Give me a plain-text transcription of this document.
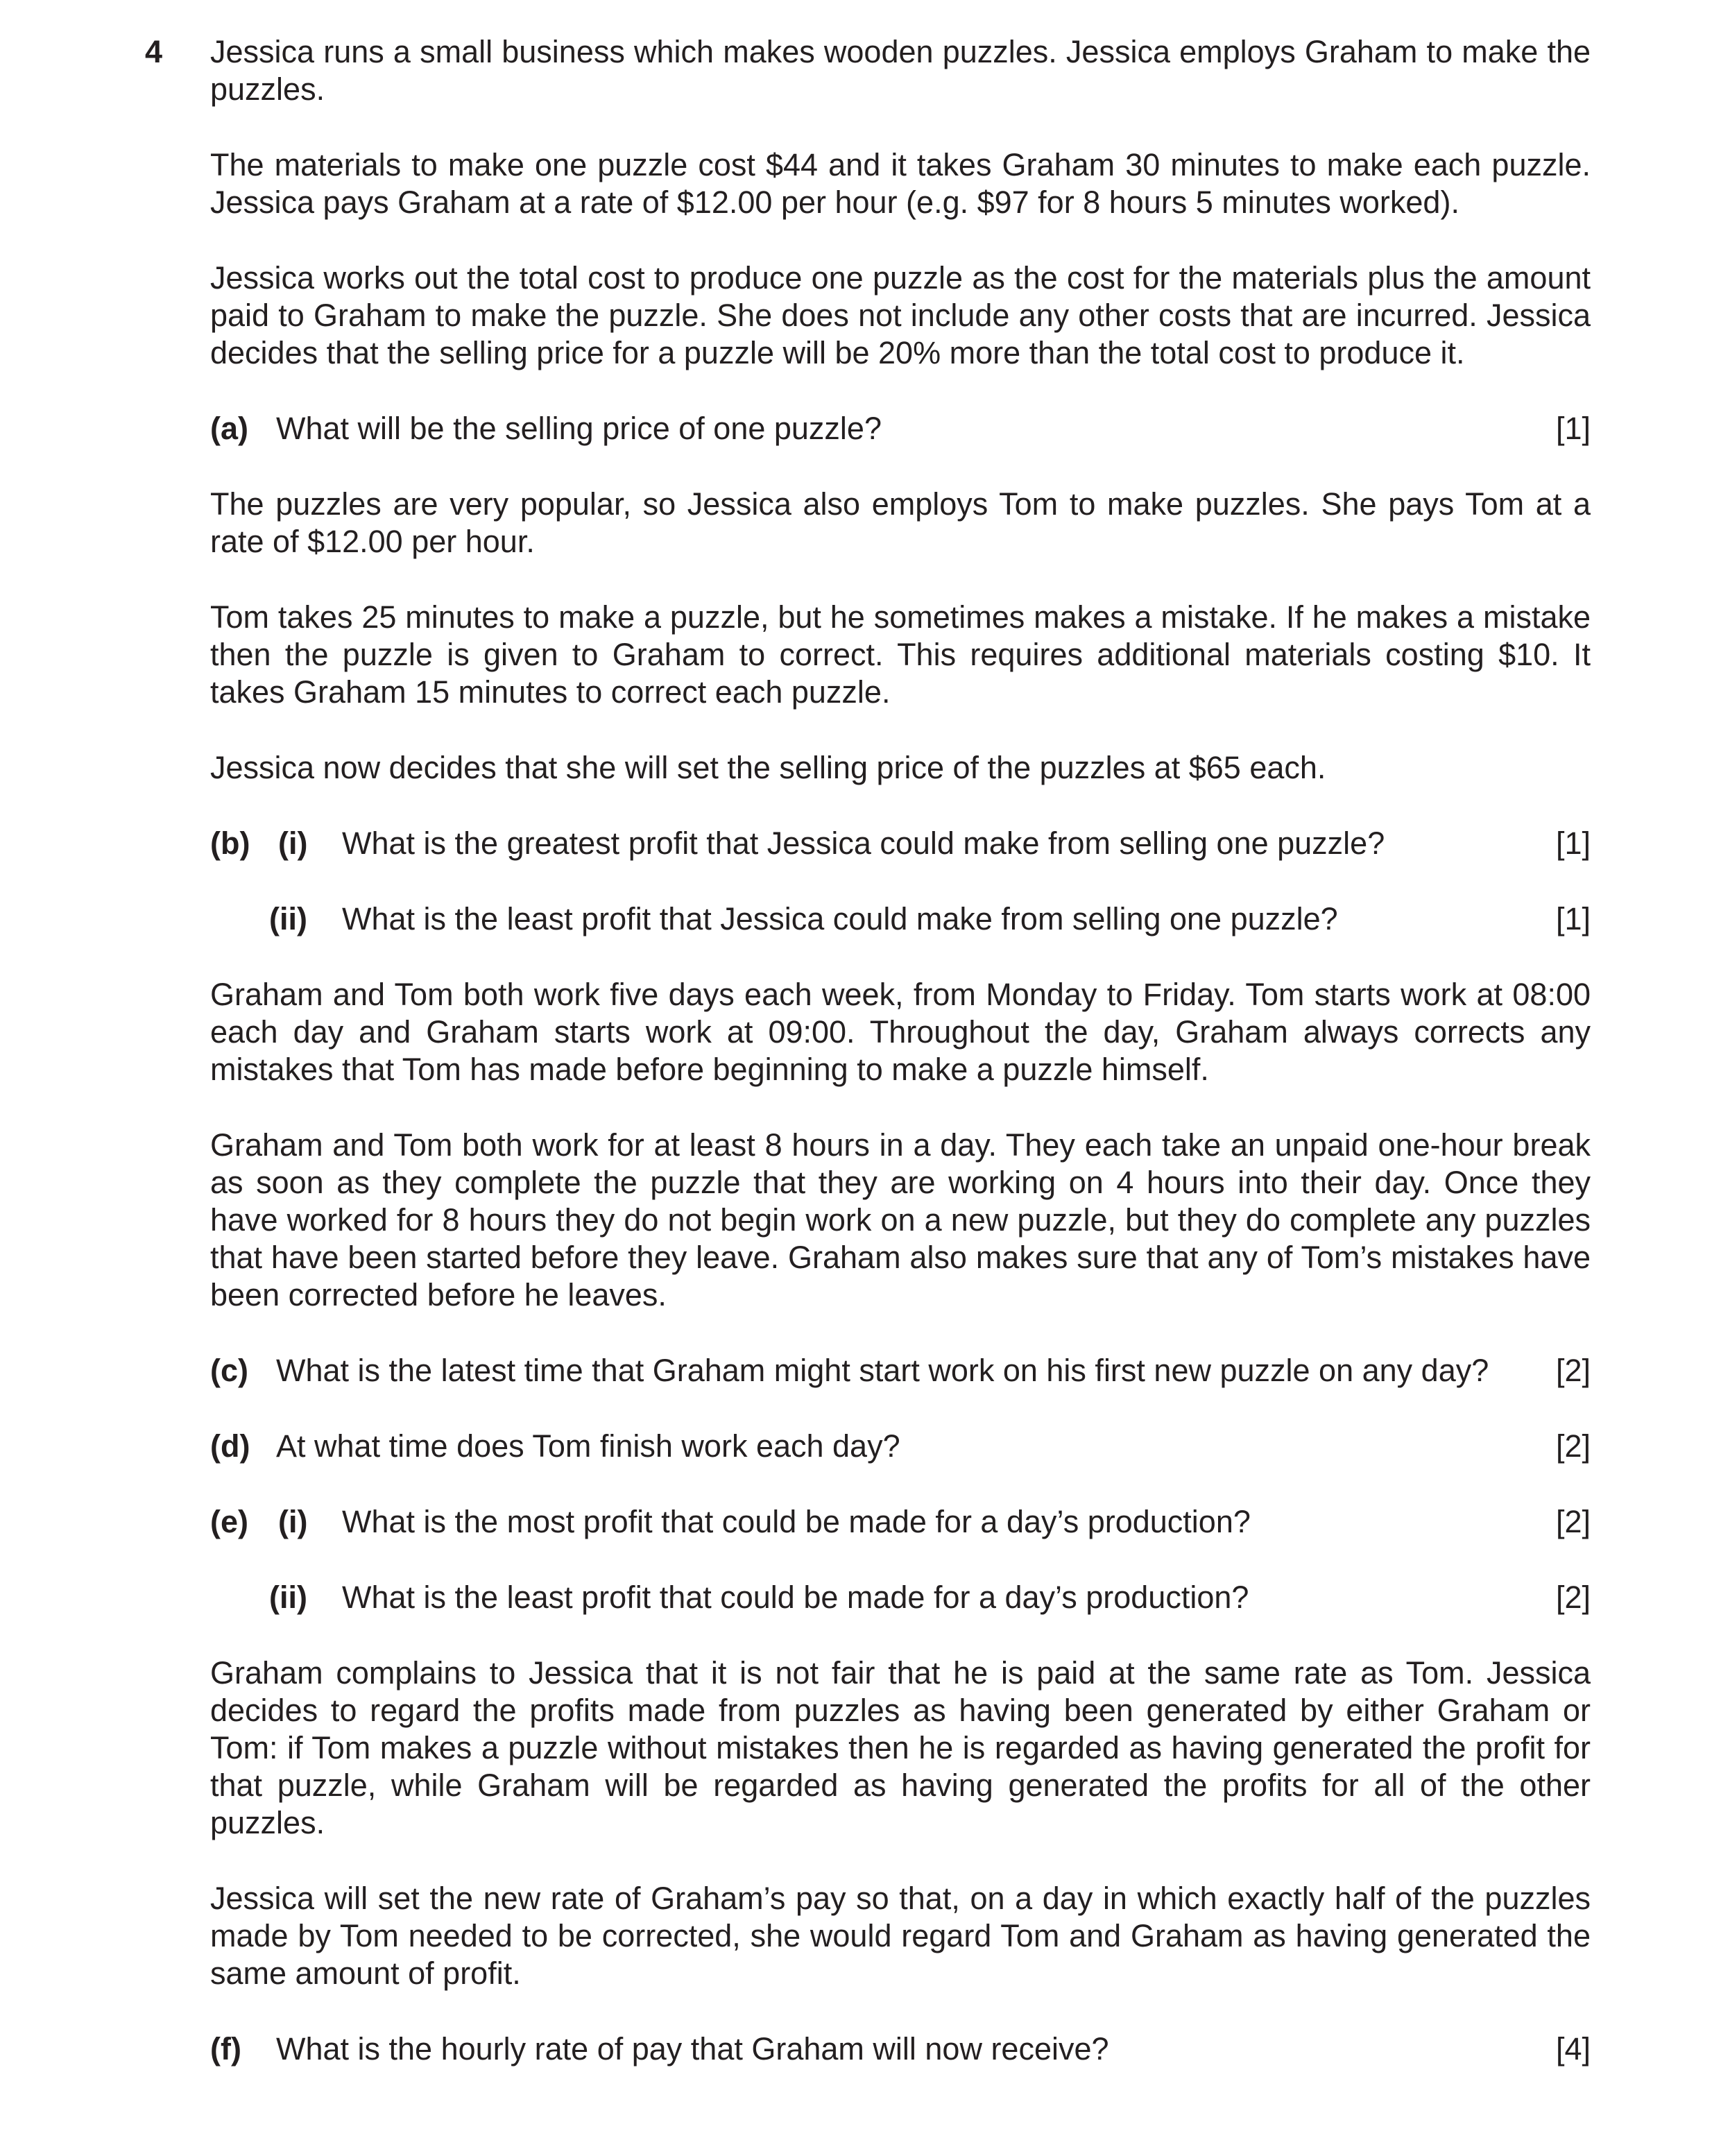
4 Jessica runs a small business which makes wooden puzzles. Jessica employs Graham to make the puzzles.

The materials to make one puzzle cost $44 and it takes Graham 30 minutes to make each puzzle. Jessica pays Graham at a rate of $12.00 per hour (e.g. $97 for 8 hours 5 minutes worked).

Jessica works out the total cost to produce one puzzle as the cost for the materials plus the amount paid to Graham to make the puzzle. She does not include any other costs that are incurred. Jessica decides that the selling price for a puzzle will be 20% more than the total cost to produce it.

(a) What will be the selling price of one puzzle?	[1]

The puzzles are very popular, so Jessica also employs Tom to make puzzles. She pays Tom at a rate of $12.00 per hour.

Tom takes 25 minutes to make a puzzle, but he sometimes makes a mistake. If he makes a mistake then the puzzle is given to Graham to correct. This requires additional materials costing $10. It takes Graham 15 minutes to correct each puzzle.

Jessica now decides that she will set the selling price of the puzzles at $65 each.

(b) (i)	What is the greatest profit that Jessica could make from selling one puzzle?	[1]
(ii)	What is the least profit that Jessica could make from selling one puzzle?	[1]

Graham and Tom both work five days each week, from Monday to Friday. Tom starts work at 08:00 each day and Graham starts work at 09:00. Throughout the day, Graham always corrects any mistakes that Tom has made before beginning to make a puzzle himself.

Graham and Tom both work for at least 8 hours in a day. They each take an unpaid one-hour break as soon as they complete the puzzle that they are working on 4 hours into their day. Once they have worked for 8 hours they do not begin work on a new puzzle, but they do complete any puzzles that have been started before they leave. Graham also makes sure that any of Tom’s mistakes have been corrected before he leaves.

(c) What is the latest time that Graham might start work on his first new puzzle on any day?	[2]
(d) At what time does Tom finish work each day?	[2]
(e) (i)	What is the most profit that could be made for a day’s production?	[2]
(ii)	What is the least profit that could be made for a day’s production?	[2]

Graham complains to Jessica that it is not fair that he is paid at the same rate as Tom. Jessica decides to regard the profits made from puzzles as having been generated by either Graham or Tom: if Tom makes a puzzle without mistakes then he is regarded as having generated the profit for that puzzle, while Graham will be regarded as having generated the profits for all of the other puzzles.

Jessica will set the new rate of Graham’s pay so that, on a day in which exactly half of the puzzles made by Tom needed to be corrected, she would regard Tom and Graham as having generated the same amount of profit.

(f)	What is the hourly rate of pay that Graham will now receive?	[4]
